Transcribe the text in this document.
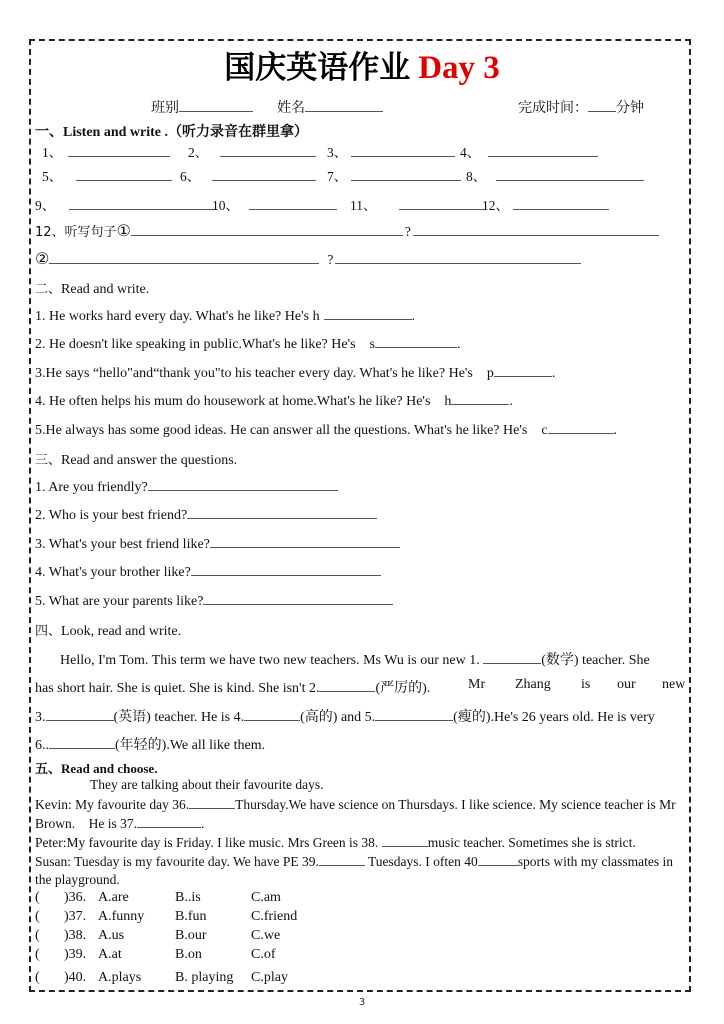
国庆英语作业 Day 3
班别	姓名	完成时间： 分钟
一、Listen and write .（听力录音在群里拿）
1、	2、	3、	4、
5、	6、	7、	8、
9、	10、	11、	12、
12、听写句子①	?
②	?
二、Read and write.
1. He works hard every day. What's he like? He's h	.
2. He doesn't like speaking in public.What's he like? He's    s	.
3.He says “hello"and“thank you"to his teacher every day. What's he like? He's    p	.
4. He often helps his mum do housework at home.What's he like? He's    h	.
5.He always has some good ideas. He can answer all the questions. What's he like? He's    c	.
三、Read and answer the questions.
1. Are you friendly?
2. Who is your best friend?
3. What's your best friend like?
4. What's your brother like?
5. What are your parents like?
四、Look, read and write.
Hello, I'm Tom. This term we have two new teachers. Ms Wu is our new 1.	(数学) teacher. She
has short hair. She is quiet. She is kind. She isn't 2.	(严厉的).	Mr Zhang is our new
3.	(英语) teacher. He is 4.	(高的) and 5.	(瘦的).He's 26 years old. He is very
6..	(年轻的).We all like them.
五、Read and choose.
They are talking about their favourite days.
Kevin: My favourite day 36.	Thursday.We have science on Thursdays. I like science. My science teacher is Mr
Brown.    He is 37.	.
Peter:My favourite day is Friday. I like music. Mrs Green is 38.	music teacher. Sometimes she is strict.
Susan: Tuesday is my favourite day. We have PE 39.	Tuesdays. I often 40	sports with my classmates in
the playground.
( )36. A.are	B..is	C.am
( )37. A.funny B.fun	C.friend
( )38. A.us	B.our	C.we
( )39. A.at	B.on	C.of
( )40. A.plays B. playing C.play
3
